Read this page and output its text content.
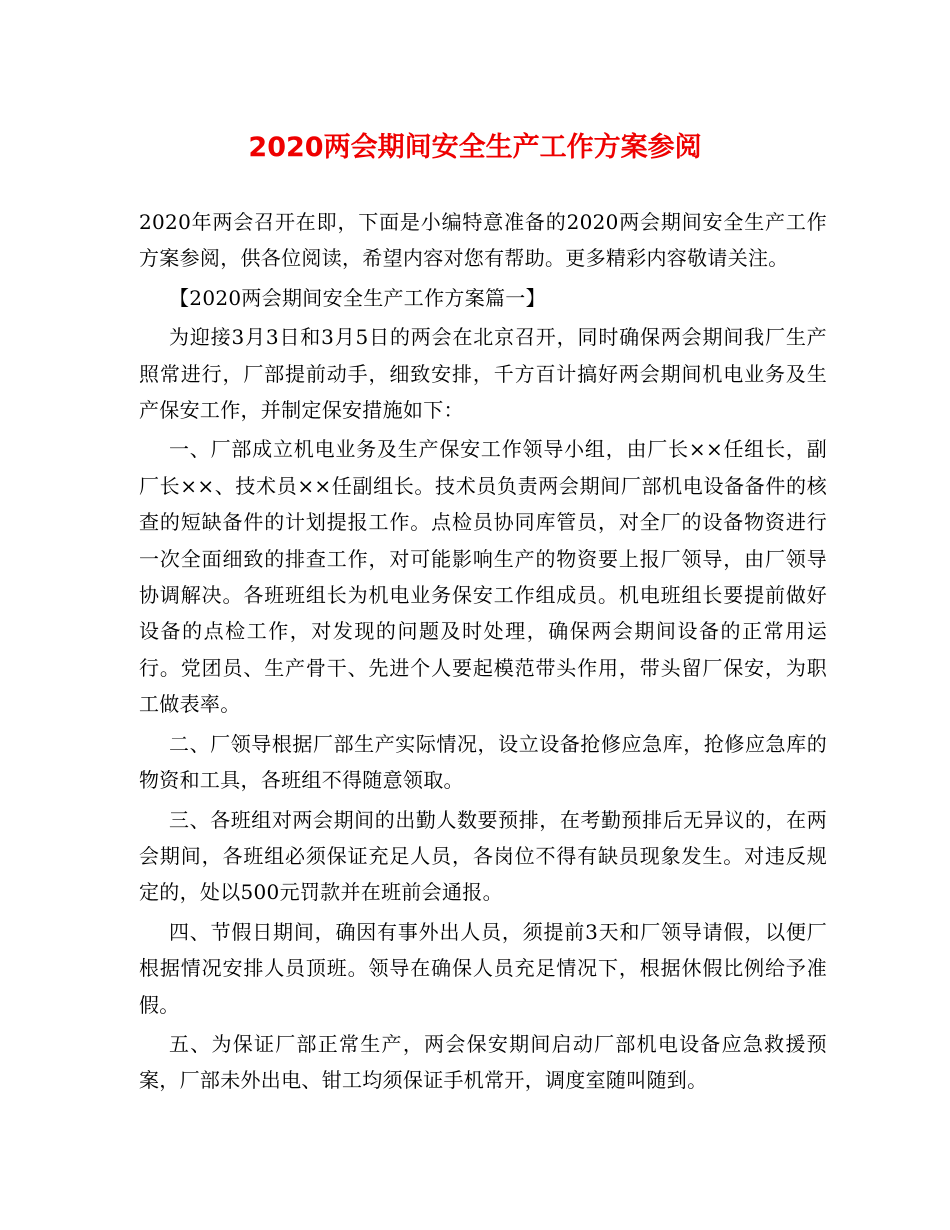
2020两会期间安全生产工作方案参阅

2020年两会召开在即，下面是小编特意准备的2020两会期间安全生产工作方案参阅，供各位阅读，希望内容对您有帮助。更多精彩内容敬请关注。

【2020两会期间安全生产工作方案篇一】

为迎接3月3日和3月5日的两会在北京召开，同时确保两会期间我厂生产照常进行，厂部提前动手，细致安排，千方百计搞好两会期间机电业务及生产保安工作，并制定保安措施如下：

一、厂部成立机电业务及生产保安工作领导小组，由厂长××任组长，副厂长××、技术员××任副组长。技术员负责两会期间厂部机电设备备件的核查的短缺备件的计划提报工作。点检员协同库管员，对全厂的设备物资进行一次全面细致的排查工作，对可能影响生产的物资要上报厂领导，由厂领导协调解决。各班班组长为机电业务保安工作组成员。机电班组长要提前做好设备的点检工作，对发现的问题及时处理，确保两会期间设备的正常用运行。党团员、生产骨干、先进个人要起模范带头作用，带头留厂保安，为职工做表率。

二、厂领导根据厂部生产实际情况，设立设备抢修应急库，抢修应急库的物资和工具，各班组不得随意领取。

三、各班组对两会期间的出勤人数要预排，在考勤预排后无异议的，在两会期间，各班组必须保证充足人员，各岗位不得有缺员现象发生。对违反规定的，处以500元罚款并在班前会通报。

四、节假日期间，确因有事外出人员，须提前3天和厂领导请假，以便厂根据情况安排人员顶班。领导在确保人员充足情况下，根据休假比例给予准假。

五、为保证厂部正常生产，两会保安期间启动厂部机电设备应急救援预案，厂部未外出电、钳工均须保证手机常开，调度室随叫随到。
